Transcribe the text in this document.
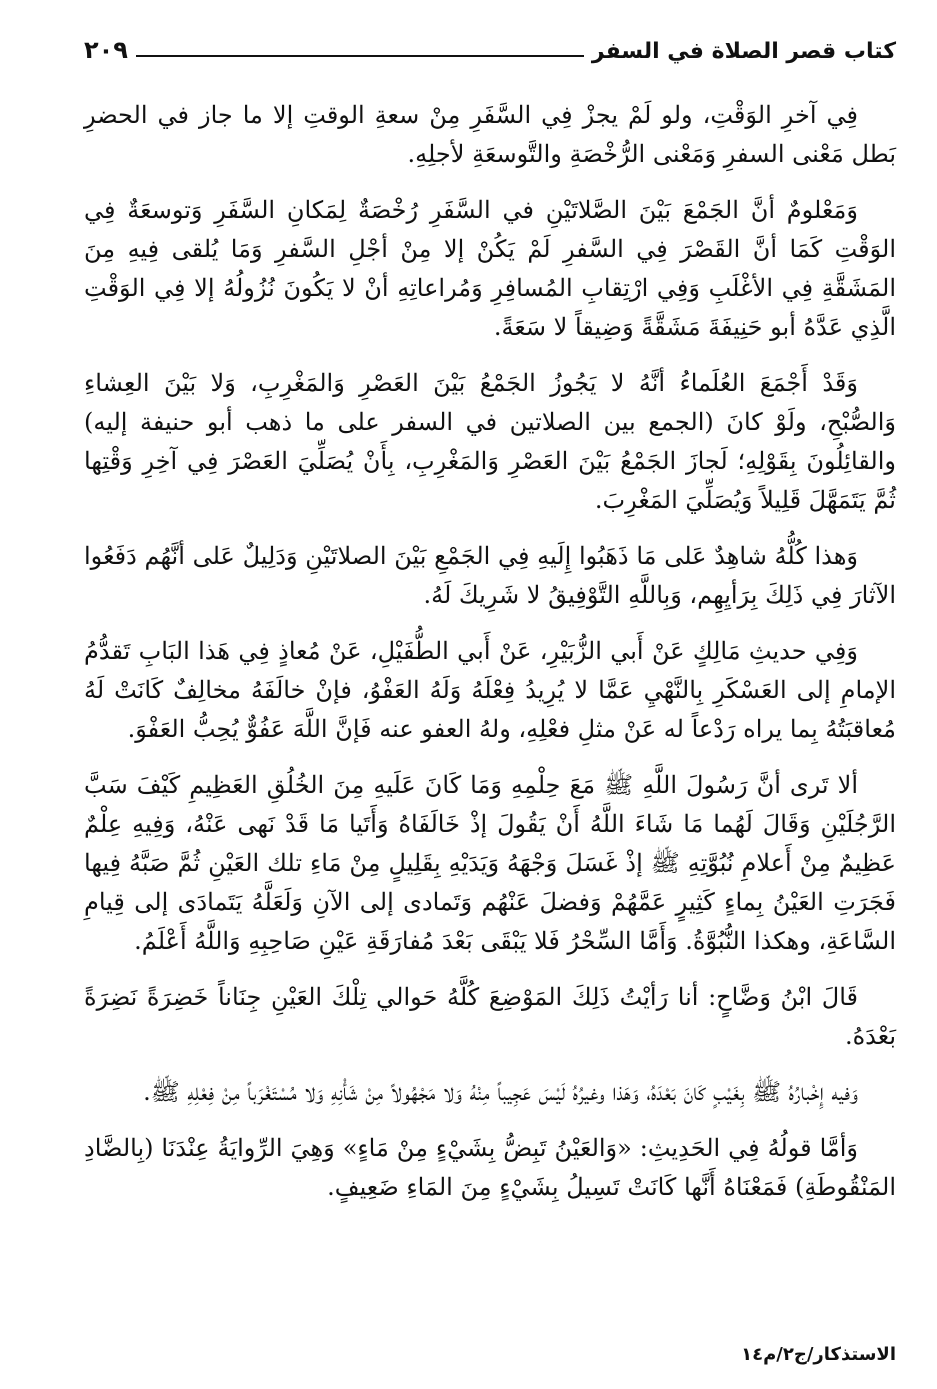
كتاب قصر الصلاة في السفر
٢٠٩

فِي آخرِ الوَقْتِ، ولو لَمْ يجزْ فِي السَّفَرِ مِنْ سعةِ الوقتِ إلا ما جاز في الحضرِ بَطل مَعْنى السفرِ وَمَعْنى الرُّخْصَةِ والتَّوسعَةِ لأجلِهِ.

وَمَعْلومٌ أنَّ الجَمْعَ بَيْنَ الصَّلاتَيْنِ في السَّفَرِ رُخْصَةٌ لِمَكانِ السَّفَرِ وَتوسعَةٌ فِي الوَقْتِ كَمَا أنَّ القَصْرَ فِي السَّفرِ لَمْ يَكُنْ إلا مِنْ أجْلِ السَّفرِ وَمَا يُلقى فِيهِ مِنَ المَشَقَّةِ فِي الأغْلَبِ وَفِي ارْتِقابِ المُسافِرِ وَمُراعاتِهِ أنْ لا يَكُونَ نُزُولُهُ إلا فِي الوَقْتِ الَّذِي عَدَّهُ أبو حَنِيفَةَ مَشَقَّةً وَضِيقاً لا سَعَةً.

وَقَدْ أَجْمَعَ العُلَماءُ أنَّهُ لا يَجُوزُ الجَمْعُ بَيْنَ العَصْرِ وَالمَغْرِبِ، وَلا بَيْنَ العِشاءِ وَالصُّبْحِ، ولَوْ كانَ (الجمع بين الصلاتين في السفر على ما ذهب أبو حنيفة إليه) والقائِلُونَ بِقَوْلِهِ؛ لَجازَ الجَمْعُ بَيْنَ العَصْرِ وَالمَغْرِبِ، بِأَنْ يُصَلِّيَ العَصْرَ فِي آخِرِ وَقْتِها ثُمَّ يَتَمَهَّلَ قَلِيلاً وَيُصَلِّيَ المَغْرِبَ.

وَهذا كُلُّهُ شاهِدٌ عَلى مَا ذَهَبُوا إِلَيهِ فِي الجَمْعِ بَيْنَ الصلاتَيْنِ وَدَلِيلٌ عَلى أنَّهُم دَفَعُوا الآثارَ فِي ذَلِكَ بِرَأيِهِم، وَبِاللَّهِ التَّوْفِيقُ لا شَرِيكَ لَهُ.

وَفِي حديثِ مَالِكٍ عَنْ أَبي الزُّبَيْرِ، عَنْ أَبي الطُّفَيْلِ، عَنْ مُعاذٍ فِي هَذا البَابِ تَقدُّمُ الإمامِ إلى العَسْكَرِ بِالنَّهْيِ عَمَّا لا يُرِيدُ فِعْلَهُ وَلَهُ العَفْوُ، فإنْ خالَفَهُ مخالِفٌ كَانَتْ لَهُ مُعاقبَتُهُ بِما يراه رَدْعاً له عَنْ مثلِ فعْلِهِ، ولهُ العفو عنه فَإنَّ اللَّهَ عَفُوٌّ يُحِبُّ العَفْوَ.

ألا تَرى أنَّ رَسُولَ اللَّهِ ﷺ مَعَ حِلْمِهِ وَمَا كَانَ عَلَيهِ مِنَ الخُلُقِ العَظِيمِ كَيْفَ سَبَّ الرَّجُلَيْنِ وَقَالَ لَهُما مَا شَاءَ اللَّهُ أَنْ يَقُولَ إذْ خَالَفَاهُ وَأَتَيا مَا قَدْ نَهى عَنْهُ، وَفِيهِ عِلْمٌ عَظِيمٌ مِنْ أَعلامِ نُبُوَّتِهِ ﷺ إذْ غَسَلَ وَجْهَهُ وَيَدَيْهِ بِقَلِيلٍ مِنْ مَاءِ تلك العَيْنِ ثُمَّ صَبَّهُ فِيها فَجَرَتِ العَيْنُ بِماءٍ كَثِيرٍ عَمَّهُمْ وَفضلَ عَنْهُم وَتَمادى إلى الآنِ وَلَعَلَّهُ يَتَمادَى إلى قِيامِ السَّاعَةِ، وهكذا النُّبُوَّةُ. وَأَمَّا السِّحْرُ فَلا يَبْقَى بَعْدَ مُفارَقَةِ عَيْنِ صَاحِبِهِ وَاللَّهُ أَعْلَمُ.

قَالَ ابْنُ وَضَّاحٍ: أنا رَأيْتُ ذَلِكَ المَوْضِعَ كُلَّهُ حَوالي تِلْكَ العَيْنِ جِنَاناً خَضِرَةً نَضِرَةً بَعْدَهُ.

وَفيه إِخْبارُهُ ﷺ بِغَيْبٍ كَانَ بَعْدَهُ، وَهَذا وغيرُهُ لَيْسَ عَجِيباً مِنْهُ وَلا مَجْهُولاً مِنْ شَأْنِهِ وَلا مُسْتَغْرَباً مِنْ فِعْلِهِ ﷺ.

وَأمَّا قولُهُ فِي الحَدِيثِ: «وَالعَيْنُ تَبِضُّ بِشَيْءٍ مِنْ مَاءٍ» وَهِيَ الرِّوايَةُ عِنْدَنَا (بِالضَّادِ المَنْقُوطَةِ) فَمَعْنَاهُ أَنَّها كَانَتْ تَسِيلُ بِشَيْءٍ مِنَ المَاءِ ضَعِيفٍ.

الاستذكار/ج٢/م١٤
